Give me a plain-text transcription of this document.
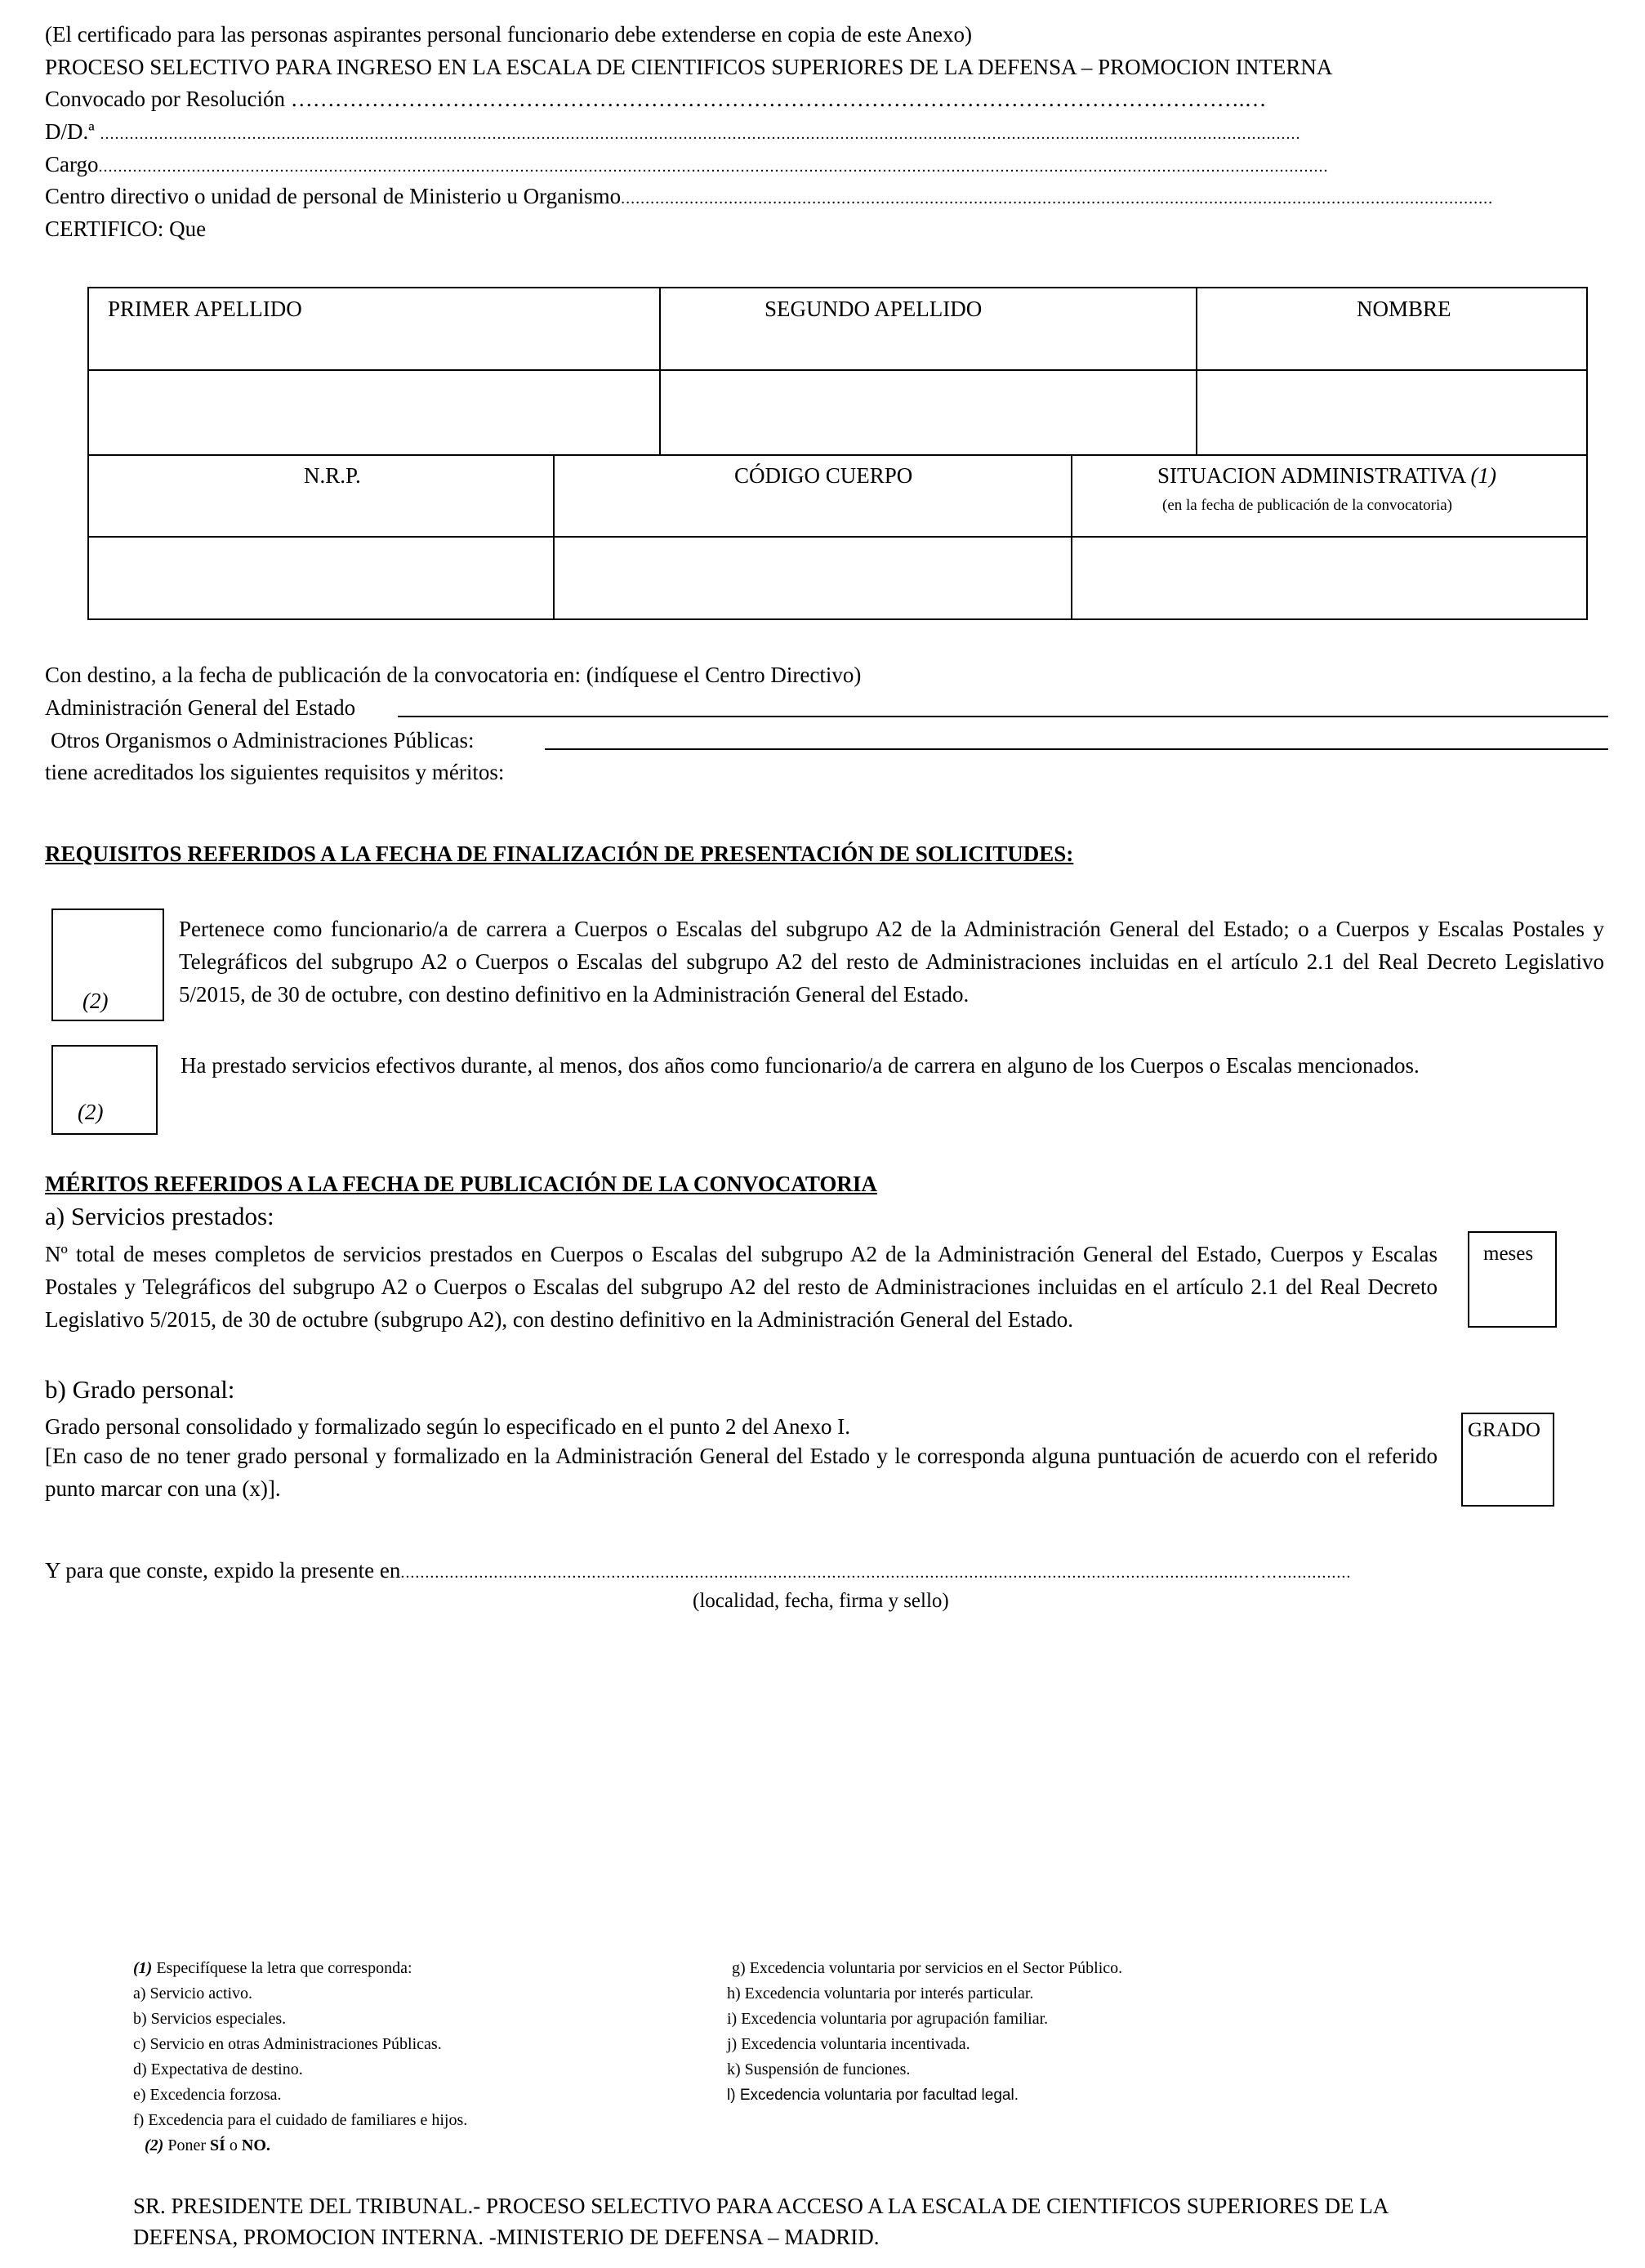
(El certificado para las personas aspirantes personal funcionario debe extenderse en copia de este Anexo)
PROCESO SELECTIVO PARA INGRESO EN LA ESCALA DE CIENTIFICOS SUPERIORES DE LA DEFENSA – PROMOCION INTERNA
Convocado por Resolución ………………………………………………………………………………………………………………….…
D/D.ª .....................................................................................................................................................................................................................................................
Cargo...........................................................................................................................................................................................................................................................
Centro directivo o unidad de personal de Ministerio u Organismo..................................................................................................................................................................................
CERTIFICO: Que
PRIMER APELLIDO	SEGUNDO APELLIDO	NOMBRE
N.R.P.	CÓDIGO CUERPO	SITUACION ADMINISTRATIVA (1)
(en la fecha de publicación de la convocatoria)
Con destino, a la fecha de publicación de la convocatoria en: (indíquese el Centro Directivo)
Administración General del Estado
Otros Organismos o Administraciones Públicas:
tiene acreditados los siguientes requisitos y méritos:
REQUISITOS REFERIDOS A LA FECHA DE FINALIZACIÓN DE PRESENTACIÓN DE SOLICITUDES:
(2)
Pertenece como funcionario/a de carrera a Cuerpos o Escalas del subgrupo A2 de la Administración General del Estado; o a Cuerpos y Escalas Postales y Telegráficos del subgrupo A2 o Cuerpos o Escalas del subgrupo A2 del resto de Administraciones incluidas en el artículo 2.1 del Real Decreto Legislativo 5/2015, de 30 de octubre, con destino definitivo en la Administración General del Estado.
(2)
Ha prestado servicios efectivos durante, al menos, dos años como funcionario/a de carrera en alguno de los Cuerpos o Escalas mencionados.
MÉRITOS REFERIDOS A LA FECHA DE PUBLICACIÓN DE LA CONVOCATORIA
a) Servicios prestados:
Nº total de meses completos de servicios prestados en Cuerpos o Escalas del subgrupo A2 de la Administración General del Estado, Cuerpos y Escalas Postales y Telegráficos del subgrupo A2 o Cuerpos o Escalas del subgrupo A2 del resto de Administraciones incluidas en el artículo 2.1 del Real Decreto Legislativo 5/2015, de 30 de octubre (subgrupo A2), con destino definitivo en la Administración General del Estado.
meses
b) Grado personal:
Grado personal consolidado y formalizado según lo especificado en el punto 2 del Anexo I.
[En caso de no tener grado personal y formalizado en la Administración General del Estado y le corresponda alguna puntuación de acuerdo con el referido punto marcar con una (x)].
GRADO
Y para que conste, expido la presente en............................................................................................................................................................................……...............
(localidad, fecha, firma y sello)
(1) Especifíquese la letra que corresponda:
a) Servicio activo.
b) Servicios especiales.
c) Servicio en otras Administraciones Públicas.
d) Expectativa de destino.
e) Excedencia forzosa.
f) Excedencia para el cuidado de familiares e hijos.
(2) Poner SÍ o NO.
g) Excedencia voluntaria por servicios en el Sector Público.
h) Excedencia voluntaria por interés particular.
i) Excedencia voluntaria por agrupación familiar.
j) Excedencia voluntaria incentivada.
k) Suspensión de funciones.
l) Excedencia voluntaria por facultad legal.
SR. PRESIDENTE DEL TRIBUNAL.- PROCESO SELECTIVO PARA ACCESO A LA ESCALA DE CIENTIFICOS SUPERIORES DE LA
DEFENSA, PROMOCION INTERNA. -MINISTERIO DE DEFENSA – MADRID.
